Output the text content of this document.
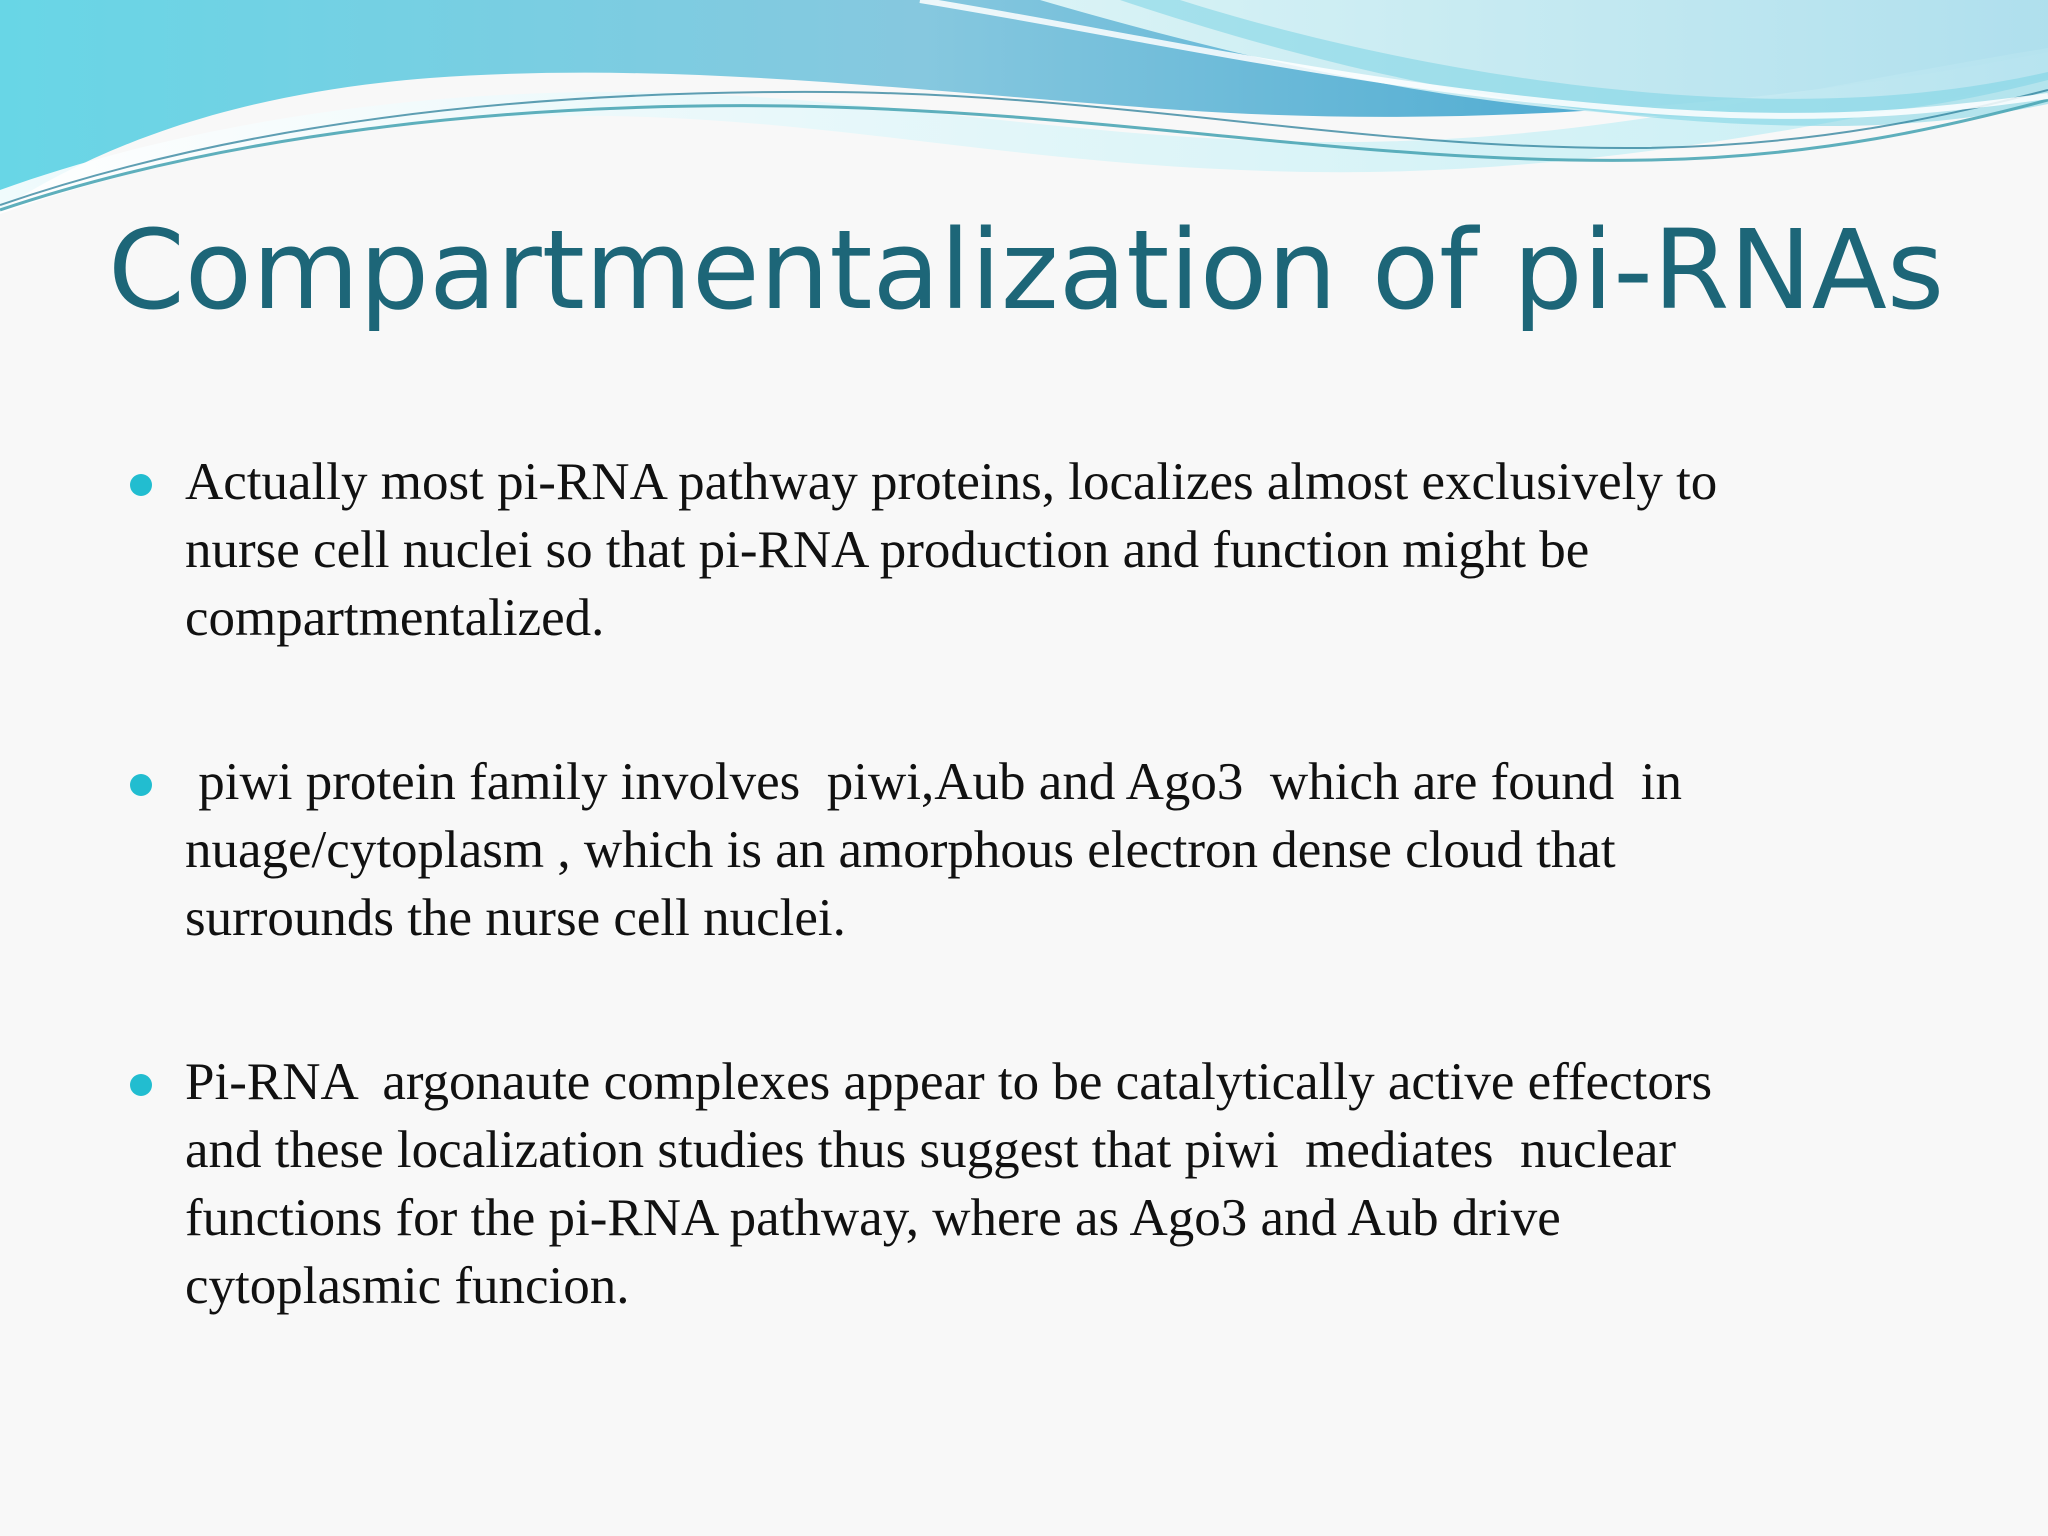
Compartmentalization of pi-RNAs

Actually most pi-RNA pathway proteins, localizes almost exclusively to
nurse cell nuclei so that pi-RNA production and function might be
compartmentalized.

piwi protein family involves  piwi,Aub and Ago3  which are found  in
nuage/cytoplasm , which is an amorphous electron dense cloud that
surrounds the nurse cell nuclei.

Pi-RNA  argonaute complexes appear to be catalytically active effectors
and these localization studies thus suggest that piwi  mediates  nuclear
functions for the pi-RNA pathway, where as Ago3 and Aub drive
cytoplasmic funcion.
